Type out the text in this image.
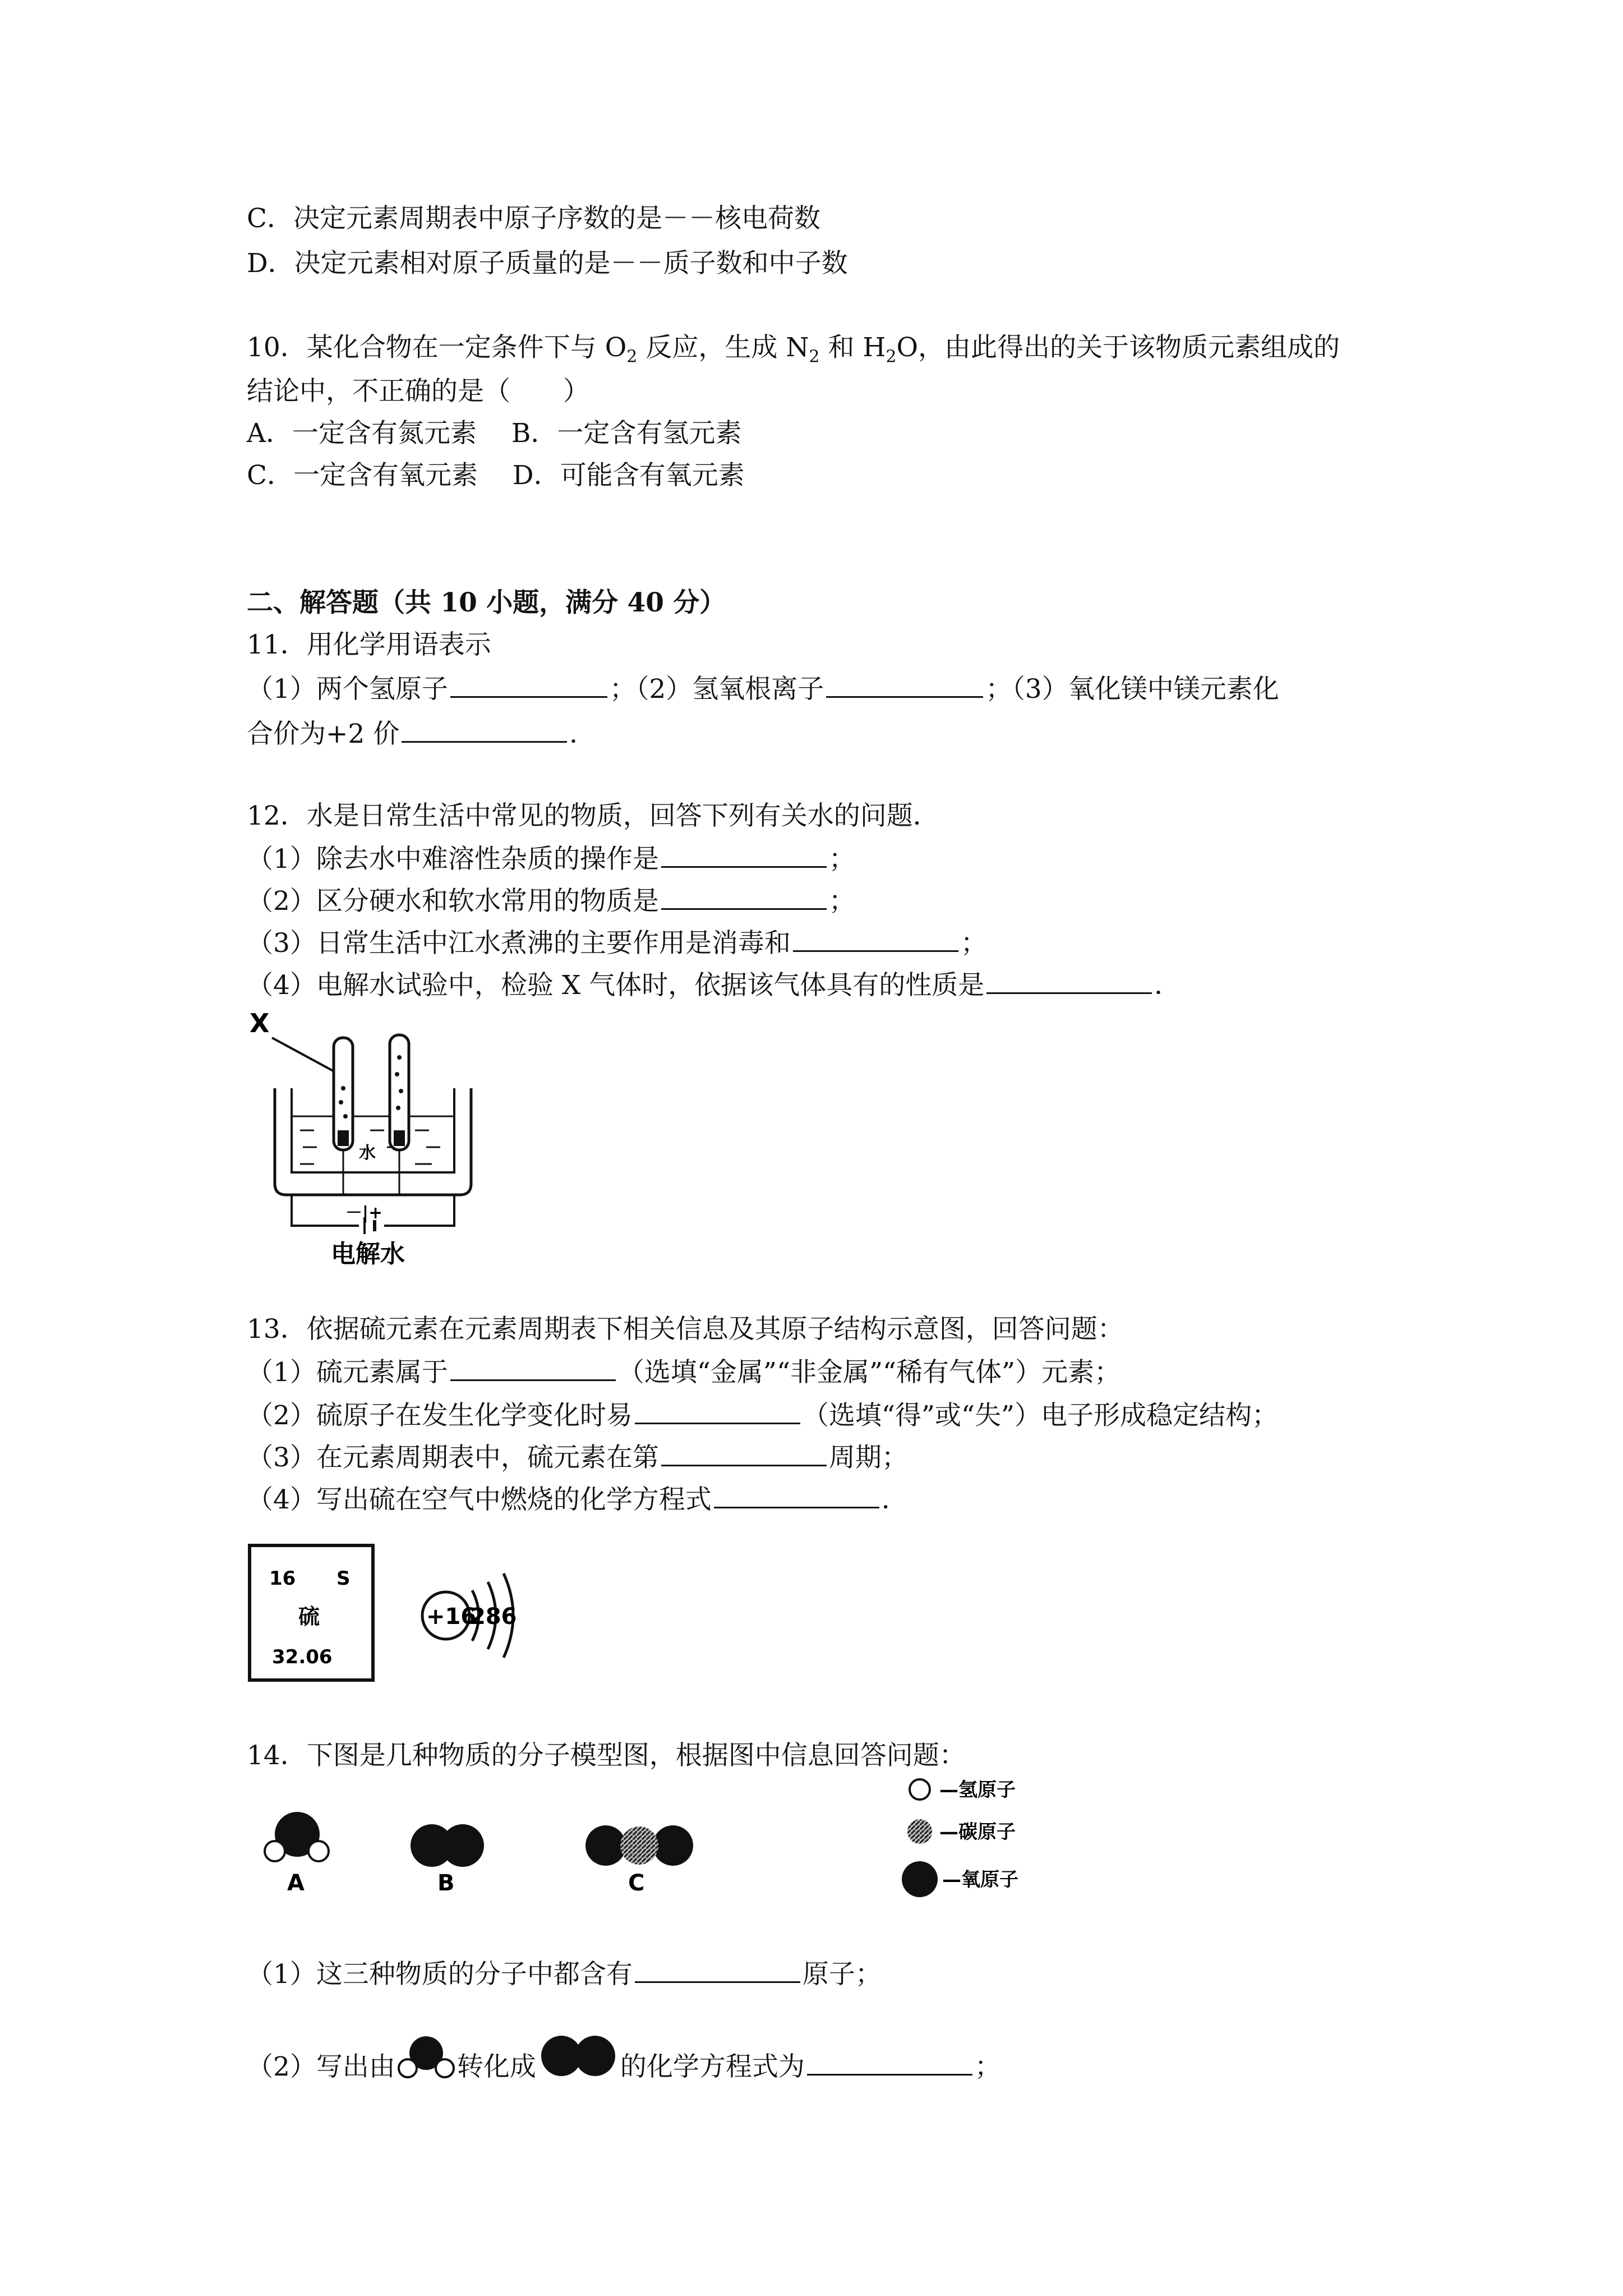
C．决定元素周期表中原子序数的是－－核电荷数
D．决定元素相对原子质量的是－－质子数和中子数
10．某化合物在一定条件下与 $O_2$ 反应，生成 $N_2$ 和 $H_2O$，由此得出的关于该物质元素组成的
结论中，不正确的是（　　）
A．一定含有氮元素　 B．一定含有氢元素
C．一定含有氧元素　 D．可能含有氧元素
二、解答题（共 10 小题，满分 40 分）
11．用化学用语表示
（1）两个氢原子	；（2）氢氧根离子	；（3）氧化镁中镁元素化
合价为+2 价	．
12．水是日常生活中常见的物质，回答下列有关水的问题．
（1）除去水中难溶性杂质的操作是	；
（2）区分硬水和软水常用的物质是	；
（3）日常生活中江水煮沸的主要作用是消毒和	；
（4）电解水试验中，检验 X 气体时，依据该气体具有的性质是	．
X
水
－|+
电解水
13．依据硫元素在元素周期表下相关信息及其原子结构示意图，回答问题：
（1）硫元素属于	（选填“金属”“非金属”“稀有气体”）元素；
（2）硫原子在发生化学变化时易	（选填“得”或“失”）电子形成稳定结构；
（3）在元素周期表中，硫元素在第	周期；
（4）写出硫在空气中燃烧的化学方程式	．
16 S
硫
32.06
+16
286
14．下图是几种物质的分子模型图，根据图中信息回答问题：
A	B	C
—氢原子
—碳原子
—氧原子
（1）这三种物质的分子中都含有	原子；
（2）写出由 转化成	的化学方程式为	；
